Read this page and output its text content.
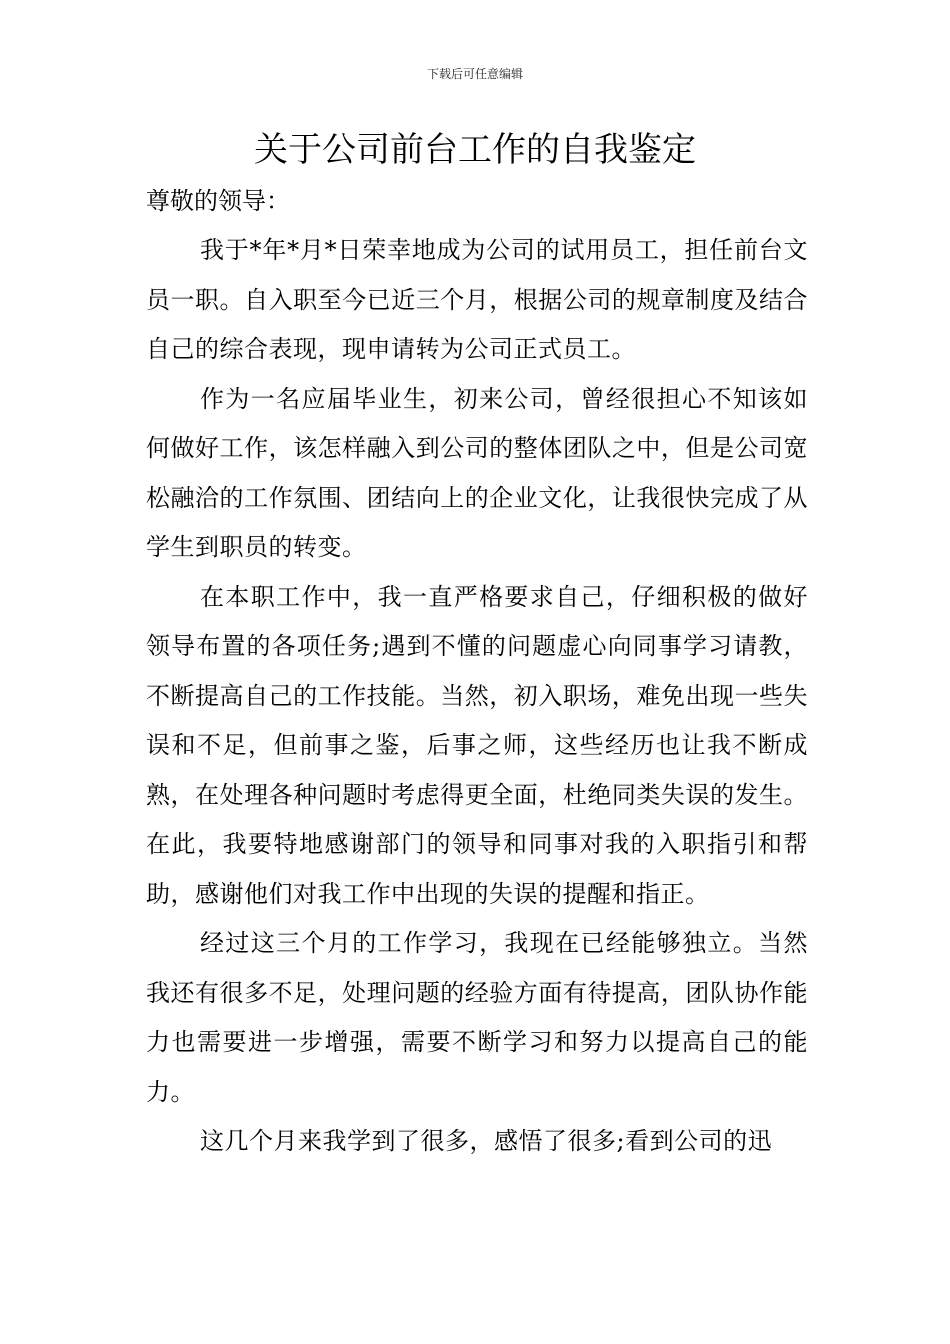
下载后可任意编辑
关于公司前台工作的自我鉴定

尊敬的领导：

我于*年*月*日荣幸地成为公司的试用员工，担任前台文员一职。自入职至今已近三个月，根据公司的规章制度及结合自己的综合表现，现申请转为公司正式员工。

作为一名应届毕业生，初来公司，曾经很担心不知该如何做好工作，该怎样融入到公司的整体团队之中，但是公司宽松融洽的工作氛围、团结向上的企业文化，让我很快完成了从学生到职员的转变。

在本职工作中，我一直严格要求自己，仔细积极的做好领导布置的各项任务;遇到不懂的问题虚心向同事学习请教，不断提高自己的工作技能。当然，初入职场，难免出现一些失误和不足，但前事之鉴，后事之师，这些经历也让我不断成熟，在处理各种问题时考虑得更全面，杜绝同类失误的发生。在此，我要特地感谢部门的领导和同事对我的入职指引和帮助，感谢他们对我工作中出现的失误的提醒和指正。

经过这三个月的工作学习，我现在已经能够独立。当然我还有很多不足，处理问题的经验方面有待提高，团队协作能力也需要进一步增强，需要不断学习和努力以提高自己的能力。

这几个月来我学到了很多，感悟了很多;看到公司的迅
